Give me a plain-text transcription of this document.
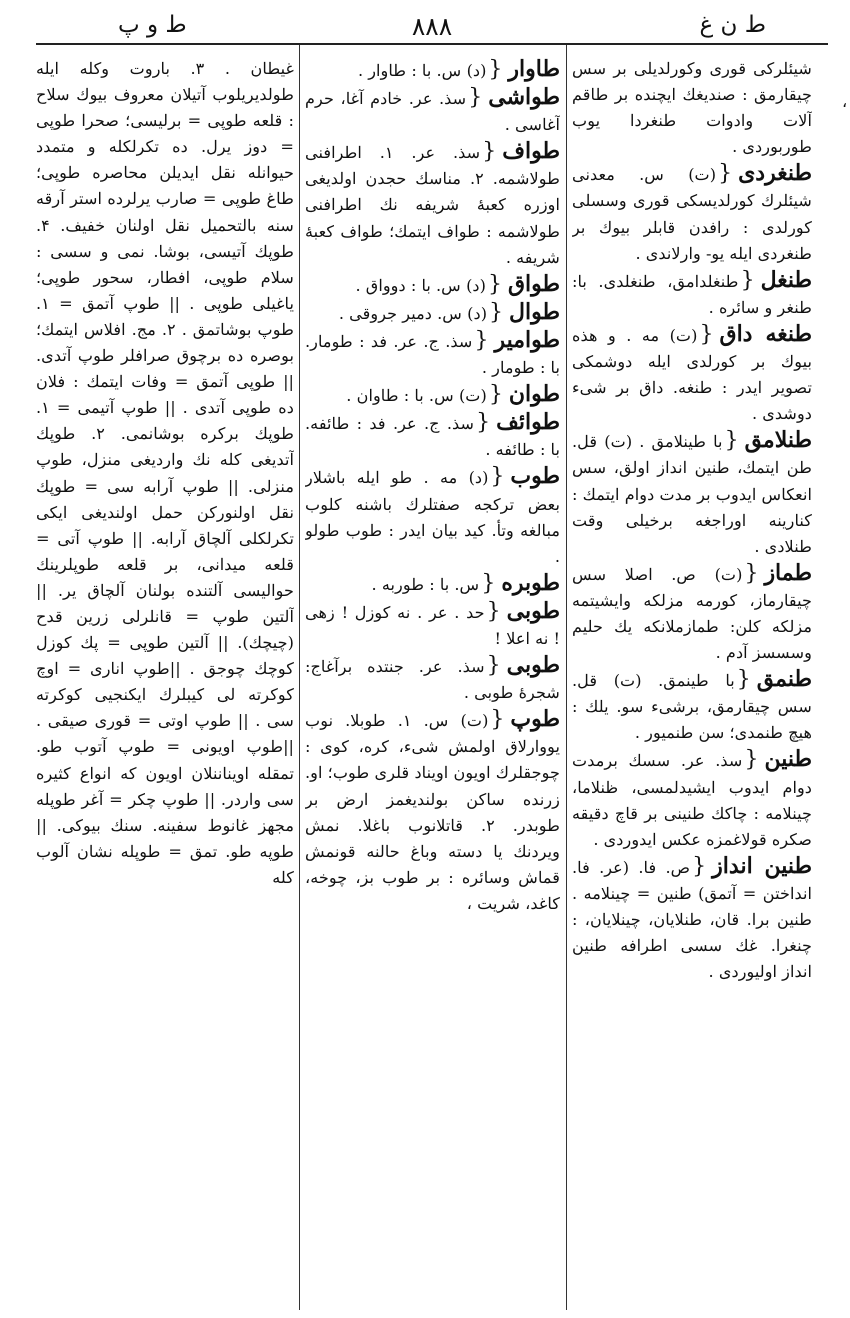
ط و پ	۸۸۸	ط ن غ

شیئلرکی قوری وکورلدیلی بر سس چیقارمق : صندیغك ایچنده بر طاقم آلات وادوات طنغردا یوب طوربوردی .

طنغردی{(ت) س. معدنی شیئلرك کورلدیسکی قوری وسسلی کورلدی : رافدن قابلر بیوك بر طنغردی ایله یو- وارلاندی .

طنغل{طنغلدامق، طنغلدی. با: طنغر و سائره .

طنغه داق{(ت) مه . و هذه بیوك بر کورلدی ایله دوشمکی تصویر ایدر : طنغه. داق بر شیء دوشدی .

طنلامق{با طینلامق . (ت) قل. طن ایتمك، طنین انداز اولق، سس انعکاس ایدوب بر مدت دوام ایتمك : کنارینه اوراجغه برخیلی وقت طنلادی .

طماز{(ت) ص. اصلا سس چیقارماز، کورمه مزلکه وایشیتمه مزلکه کلن: طمازملانکه یك حلیم وسسسز آدم .

طنمق{با طینمق. (ت) قل. سس چیقارمق، برشیء سو. یلك : هیچ طنمدی؛ سن طنمیور .

طنین{سذ. عر. سسك برمدت دوام ایدوب ایشیدلمسی، ظنلاما، چینلامه : چاکك طنینی بر قاچ دقیقه صکره قولاغمزه عکس ایدوردی .

طنین انداز{ص. فا. (عر. فا. انداختن = آتمق) طنین = چینلامه . طنین برا. قان، طنلایان، چینلایان، : چنغرا. غك سسی اطرافه طنین انداز اولیوردی .

طاوار{(د) س. با : طاوار .

طواشی{سذ. عر. خادم آغا، حرم آغاسی .

طواف{سذ. عر. ۱. اطرافنی طولاشمه. ۲. مناسك حجدن اولدیغی اوزره کعبهٔ شریفه نك اطرافنی طولاشمه : طواف ایتمك؛ طواف کعبهٔ شریفه .

طواق{(د) س. با : دوواق .

طوال{(د) س. دمیر جروقی .

طوامیر{سذ. ج. عر. فد : طومار. با : طومار .

طوان{(ت) س. با : طاوان .

طوائف{سذ. ج. عر. فد : طائفه. با : طائفه .

طوب{(د) مه . طو ایله باشلار بعض ترکجه صفتلرك باشنه کلوب مبالغه وتأ. کید بیان ایدر : طوب طولو .

طوبره{س. با : طوربه .

طوبی{حد . عر . نه کوزل ! زهی ! نه اعلا !

طوبی{سذ. عر. جنتده برآغاج: شجرهٔ طوبی .

طوپ{(ت) س. ۱. طوبلا. نوب یووارلاق اولمش شیء، کره، کوی : چوجقلرك اویون اویناد قلری طوب؛ او. زرنده ساکن بولندیغمز ارض بر طوبدر. ۲. قاتلانوب باغلا. نمش ویردنك یا دسته وباغ حالنه قونمش قماش وسائره : بر طوب بز، چوخه، کاغد، شریت ،

غیطان . ۳. باروت وکله ایله طولدیریلوب آتیلان معروف بیوك سلاح : قلعه طوپی = برلیسی؛ صحرا طوپی = دوز یرل. ده تکرلکله و متمدد حیوانله نقل ایدیلن محاصره طوپی؛ طاغ طوپی = صارب یرلرده استر آرقه سنه بالتحمیل نقل اولنان خفیف. ۴. طوپك آتیسی، بوشا. نمی و سسی : سلام طوپی، افطار، سحور طوپی؛ یاغیلی طوپی . || طوپ آتمق = ۱. طوپ بوشاتمق . ۲. مج. افلاس ایتمك؛ بوصره ده برچوق صرافلر طوپ آتدی. || طوپی آتمق = وفات ایتمك : فلان ده طوپی آتدی . || طوپ آتیمی = ۱. طوپك برکره بوشانمی. ۲. طوپك آتدیغی کله نك واردیغی منزل، طوپ منزلی. || طوپ آرابه سی = طوپك نقل اولنورکن حمل اولندیغی ایکی تکرلکلی آلچاق آرابه. || طوپ آتی = قلعه میدانی، بر قلعه طوپلرینك حوالیسی آلتنده بولنان آلچاق یر. || آلتین طوپ = قانلرلی زرین قدح (چیچك). || آلتین طوپی = پك کوزل کوچك چوجق . ||طوپ اناری = اوچ کوکرته لی کیبلرك ایکنجیی کوکرته سی . || طوپ اوتی = قوری صیقی . ||طوپ اویونی = طوپ آتوب طو. تمقله اویناننلان اویون که انواع کثیره سی واردر. || طوپ چکر = آغر طوپله مجهز غانوط سفینه. سنك بیوکی. || طوپه طو. تمق = طوپله نشان آلوب کله

،
